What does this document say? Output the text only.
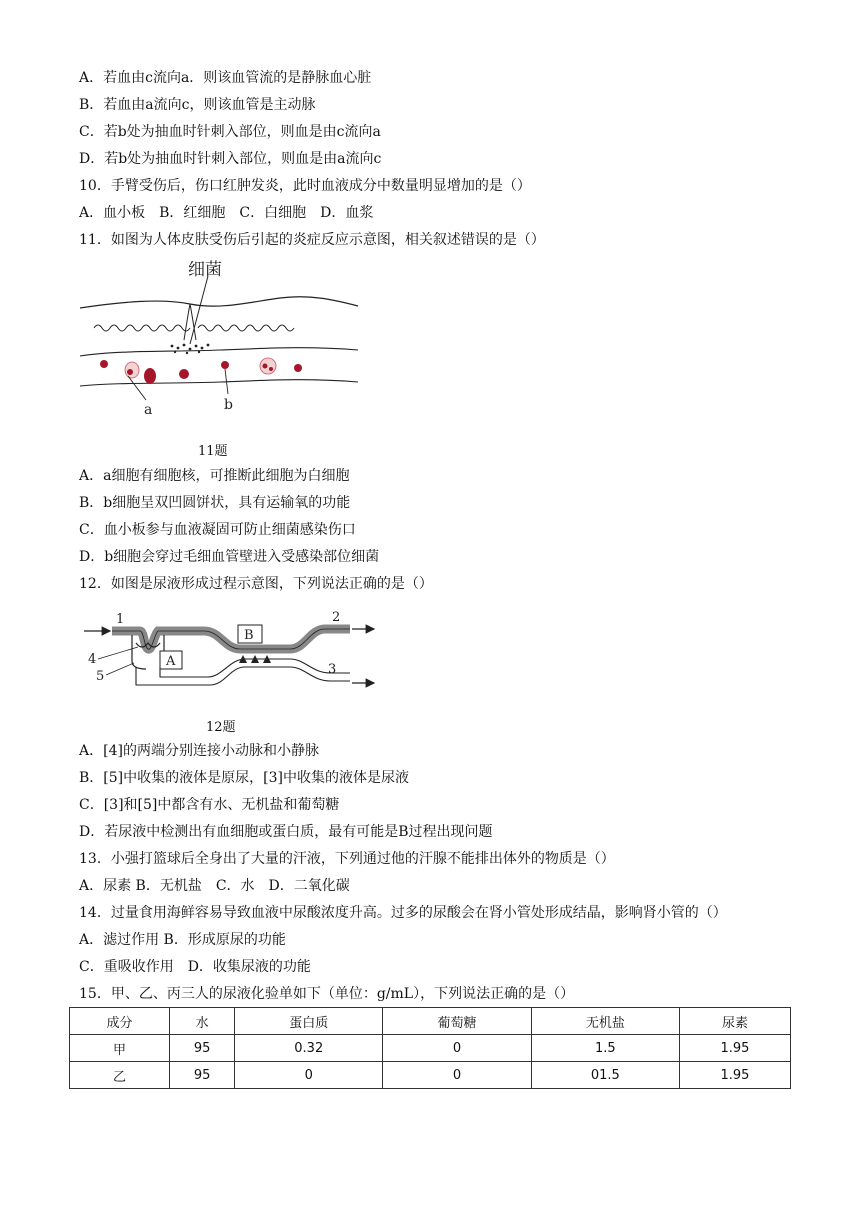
A．若血由c流向a．则该血管流的是静脉血心脏
B．若血由a流向c，则该血管是主动脉
C．若b处为抽血时针刺入部位，则血是由c流向a
D．若b处为抽血时针刺入部位，则血是由a流向c
10．手臂受伤后，伤口红肿发炎，此时血液成分中数量明显增加的是（）
A．血小板　B．红细胞　C．白细胞　D．血浆
11．如图为人体皮肤受伤后引起的炎症反应示意图，相关叙述错误的是（）
细菌
a	b
11题
A．a细胞有细胞核，可推断此细胞为白细胞
B．b细胞呈双凹圆饼状，具有运输氧的功能
C．血小板参与血液凝固可防止细菌感染伤口
D．b细胞会穿过毛细血管壁进入受感染部位细菌
12．如图是尿液形成过程示意图，下列说法正确的是（）
A
B
1	2
3
4
5
12题
A．[4]的两端分别连接小动脉和小静脉
B．[5]中收集的液体是原尿，[3]中收集的液体是尿液
C．[3]和[5]中都含有水、无机盐和葡萄糖
D．若尿液中检测出有血细胞或蛋白质，最有可能是B过程出现问题
13．小强打篮球后全身出了大量的汗液，下列通过他的汗腺不能排出体外的物质是（）
A．尿素 B．无机盐　C．水　D．二氧化碳
14．过量食用海鲜容易导致血液中尿酸浓度升高。过多的尿酸会在肾小管处形成结晶，影响肾小管的（）
A．滤过作用 B．形成原尿的功能
C．重吸收作用　D．收集尿液的功能
15．甲、乙、丙三人的尿液化验单如下（单位：g/mL），下列说法正确的是（）
成分	水	蛋白质	葡萄糖	无机盐	尿素
甲	95	0.32	0	1.5	1.95
乙	95	0	0	01.5	1.95
